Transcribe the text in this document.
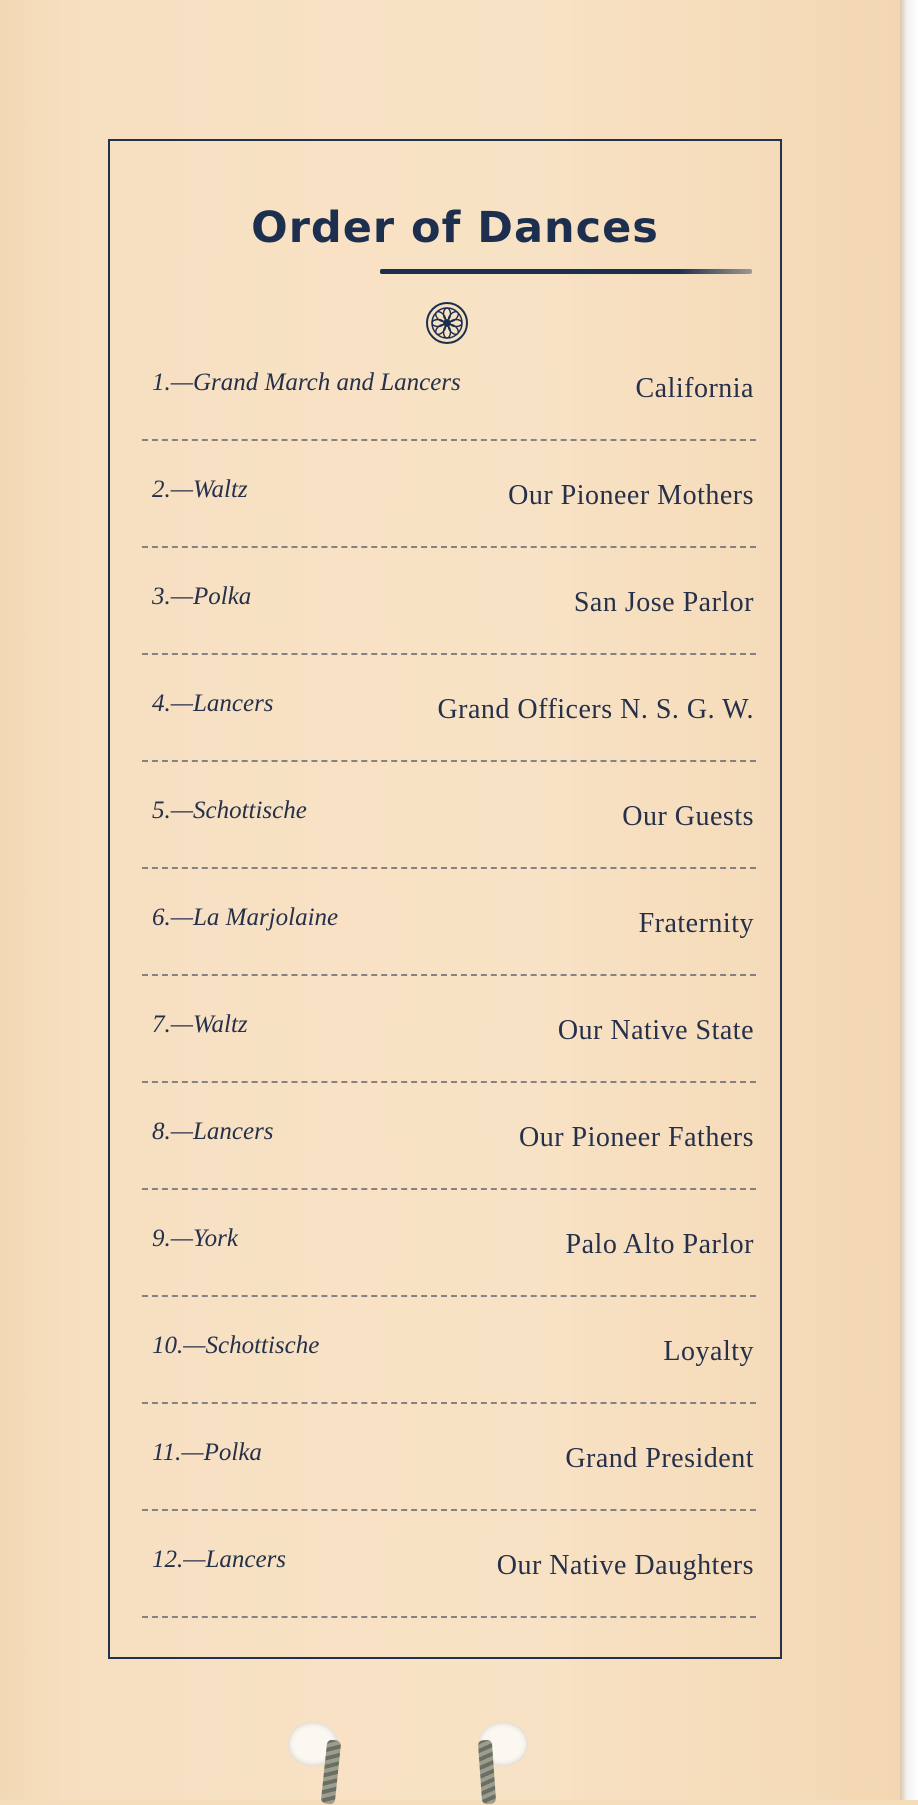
Order of Dances
1.—Grand March and Lancers	California
2.—Waltz	Our Pioneer Mothers
3.—Polka	San Jose Parlor
4.—Lancers	Grand Officers N. S. G. W.
5.—Schottische	Our Guests
6.—La Marjolaine	Fraternity
7.—Waltz	Our Native State
8.—Lancers	Our Pioneer Fathers
9.—York	Palo Alto Parlor
10.—Schottische	Loyalty
11.—Polka	Grand President
12.—Lancers	Our Native Daughters
